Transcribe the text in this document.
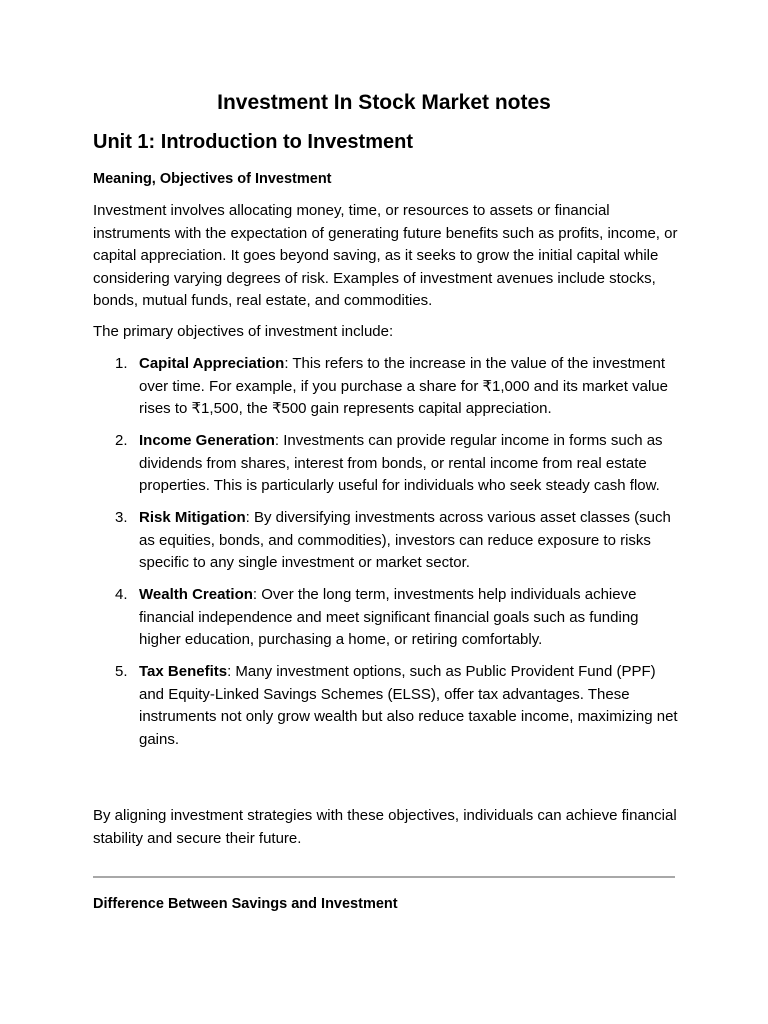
Investment In Stock Market notes
Unit 1: Introduction to Investment
Meaning, Objectives of Investment

Investment involves allocating money, time, or resources to assets or financial instruments with the expectation of generating future benefits such as profits, income, or capital appreciation. It goes beyond saving, as it seeks to grow the initial capital while considering varying degrees of risk. Examples of investment avenues include stocks, bonds, mutual funds, real estate, and commodities.

The primary objectives of investment include:

1. Capital Appreciation: This refers to the increase in the value of the investment over time. For example, if you purchase a share for ₹1,000 and its market value rises to ₹1,500, the ₹500 gain represents capital appreciation.
2. Income Generation: Investments can provide regular income in forms such as dividends from shares, interest from bonds, or rental income from real estate properties. This is particularly useful for individuals who seek steady cash flow.
3. Risk Mitigation: By diversifying investments across various asset classes (such as equities, bonds, and commodities), investors can reduce exposure to risks specific to any single investment or market sector.
4. Wealth Creation: Over the long term, investments help individuals achieve financial independence and meet significant financial goals such as funding higher education, purchasing a home, or retiring comfortably.
5. Tax Benefits: Many investment options, such as Public Provident Fund (PPF) and Equity-Linked Savings Schemes (ELSS), offer tax advantages. These instruments not only grow wealth but also reduce taxable income, maximizing net gains.

By aligning investment strategies with these objectives, individuals can achieve financial stability and secure their future.

Difference Between Savings and Investment
